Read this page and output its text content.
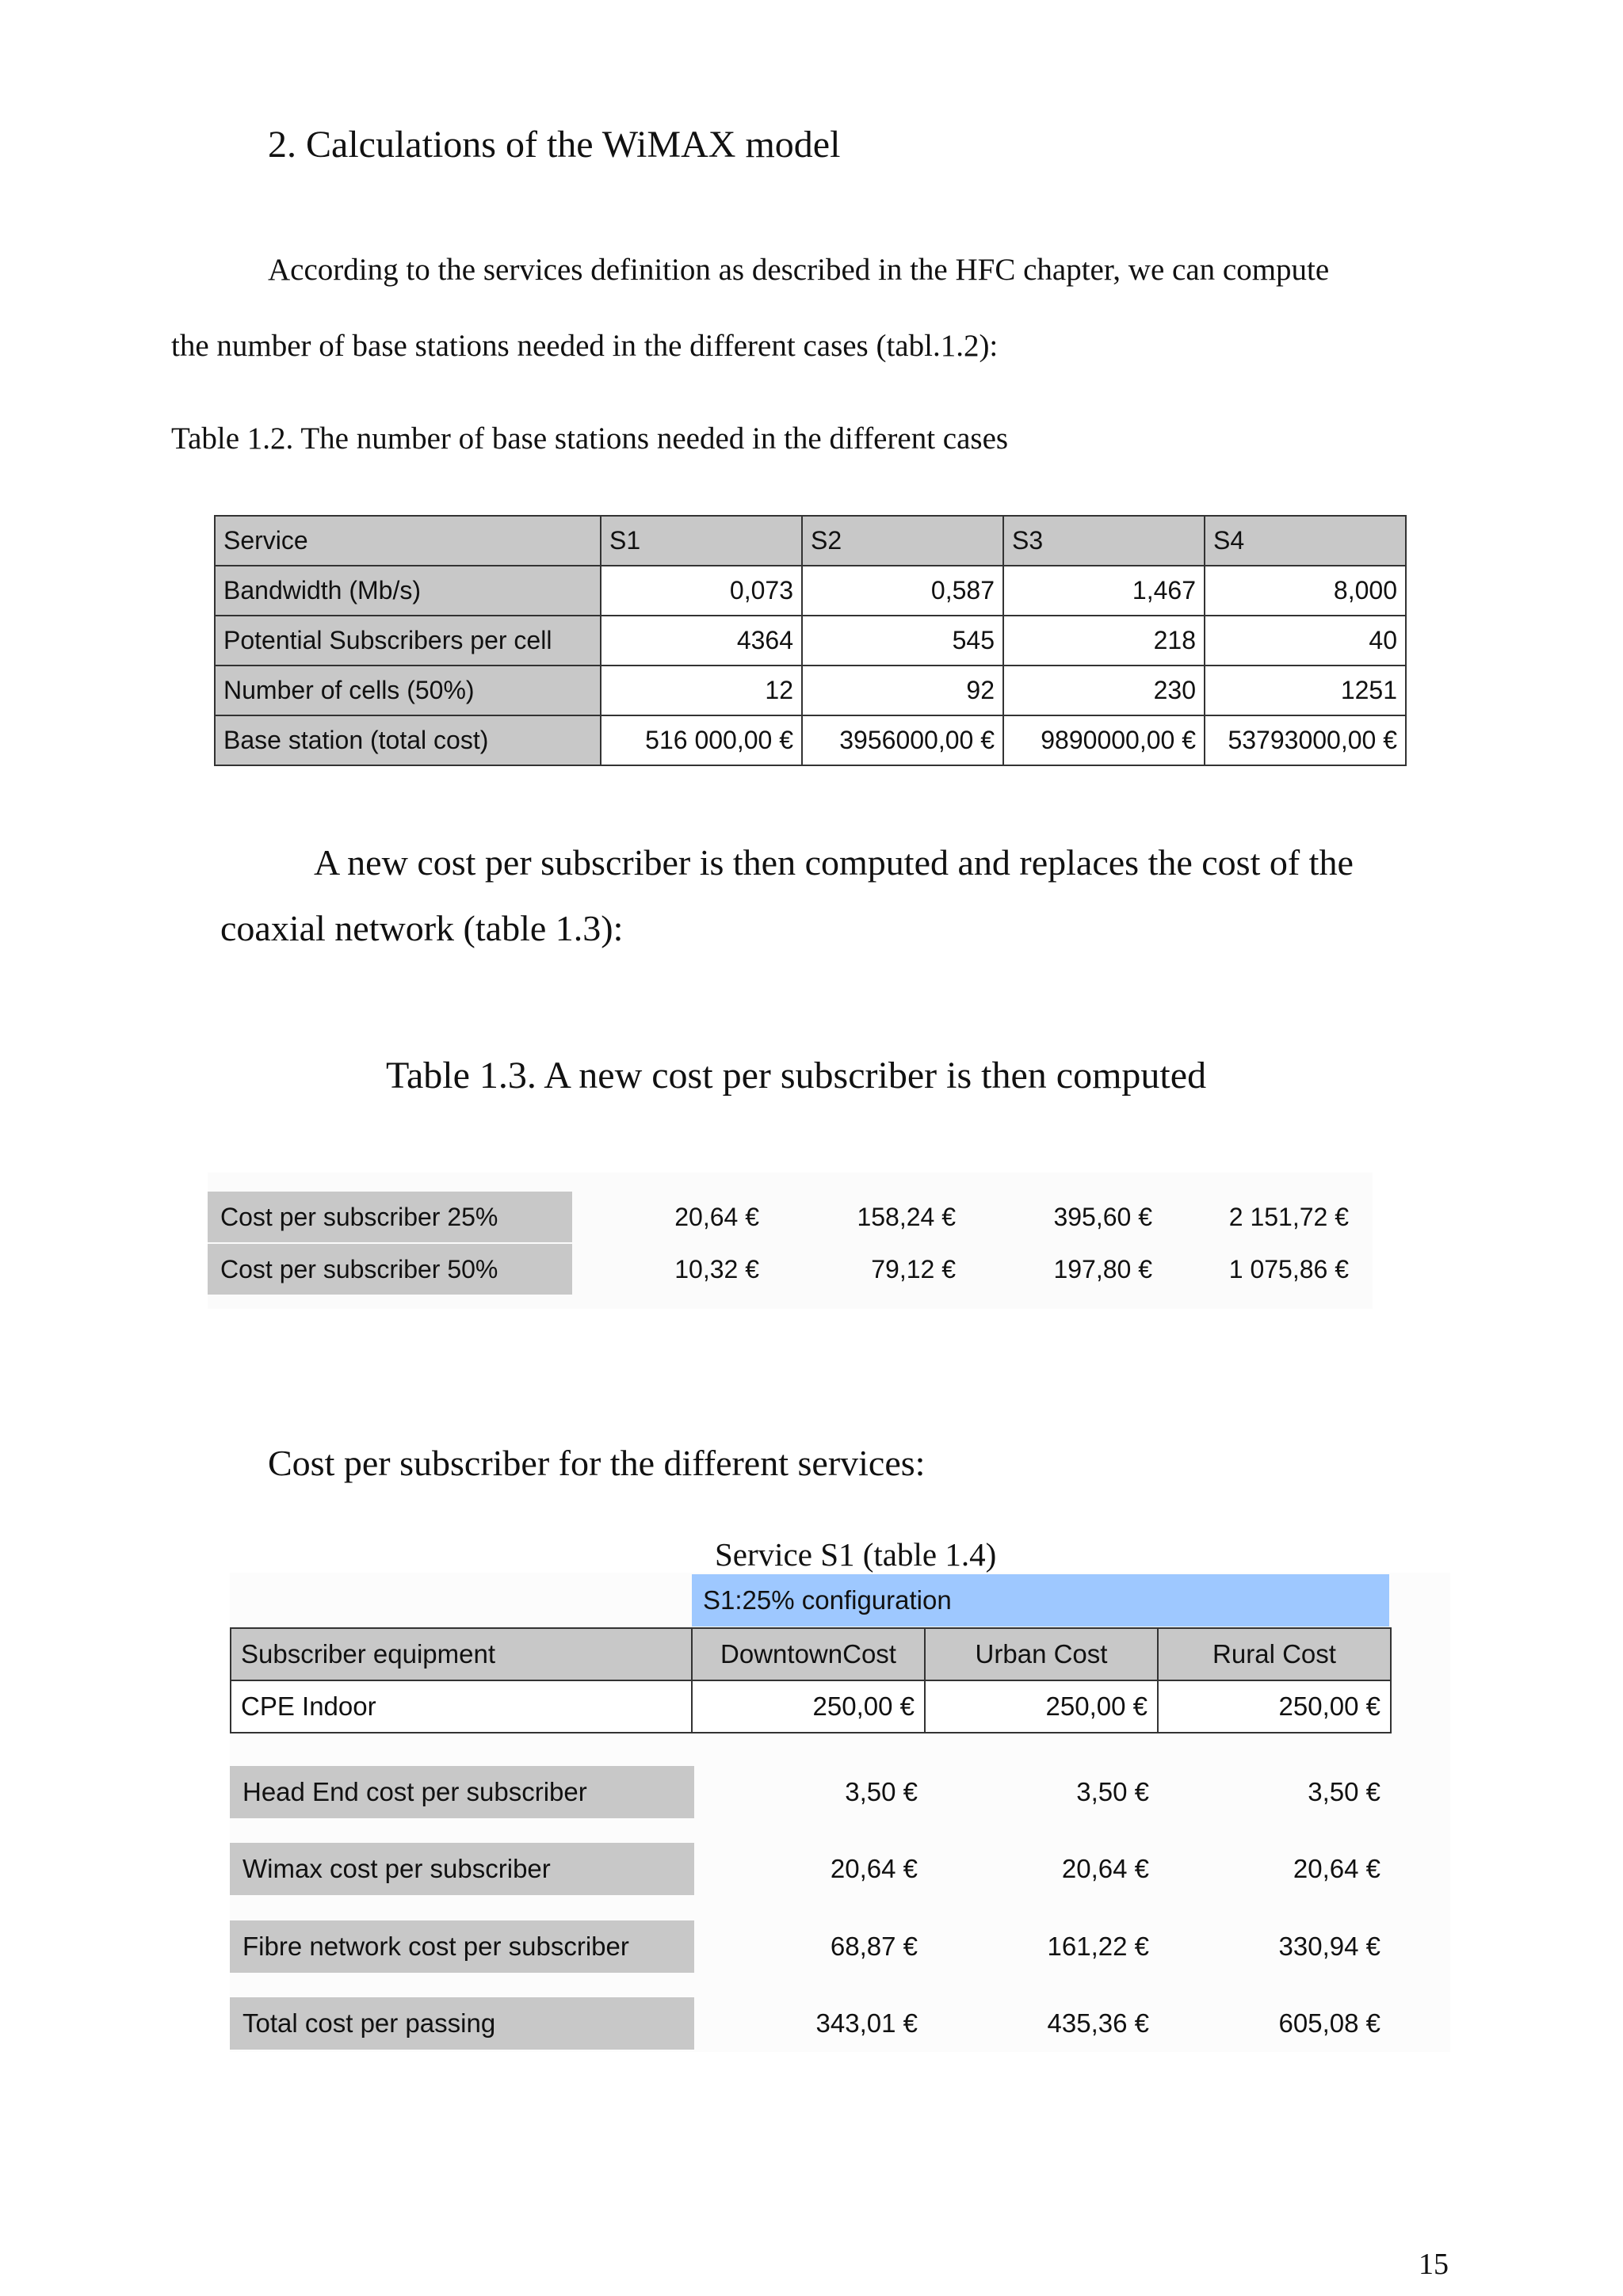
2. Calculations of the WiMAX model
According to the services definition as described in the HFC chapter, we can compute
the number of base stations needed in the different cases (tabl.1.2):
Table 1.2. The number of base stations needed in the different cases
Service	S1	S2	S3	S4
Bandwidth (Mb/s)	0,073	0,587	1,467	8,000
Potential Subscribers per cell	4364	545	218	40
Number of cells (50%)	12	92	230	1251
Base station (total cost)	516 000,00 €	3956000,00 €	9890000,00 €	53793000,00 €
A new cost per subscriber is then computed and replaces the cost of the
coaxial network (table 1.3):
Table 1.3. A new cost per subscriber is then computed
Cost per subscriber 25%	20,64 €	158,24 €	395,60 €	2 151,72 €
Cost per subscriber 50%	10,32 €	79,12 €	197,80 €	1 075,86 €
Cost per subscriber for the different services:
Service S1 (table 1.4)
S1:25% configuration
Subscriber equipment	DowntownCost	Urban Cost	Rural Cost
CPE Indoor	250,00 €	250,00 €	250,00 €
Head End cost per subscriber	3,50 €	3,50 €	3,50 €
Wimax cost per subscriber	20,64 €	20,64 €	20,64 €
Fibre network cost per subscriber	68,87 €	161,22 €	330,94 €
Total cost per passing	343,01 €	435,36 €	605,08 €
15
